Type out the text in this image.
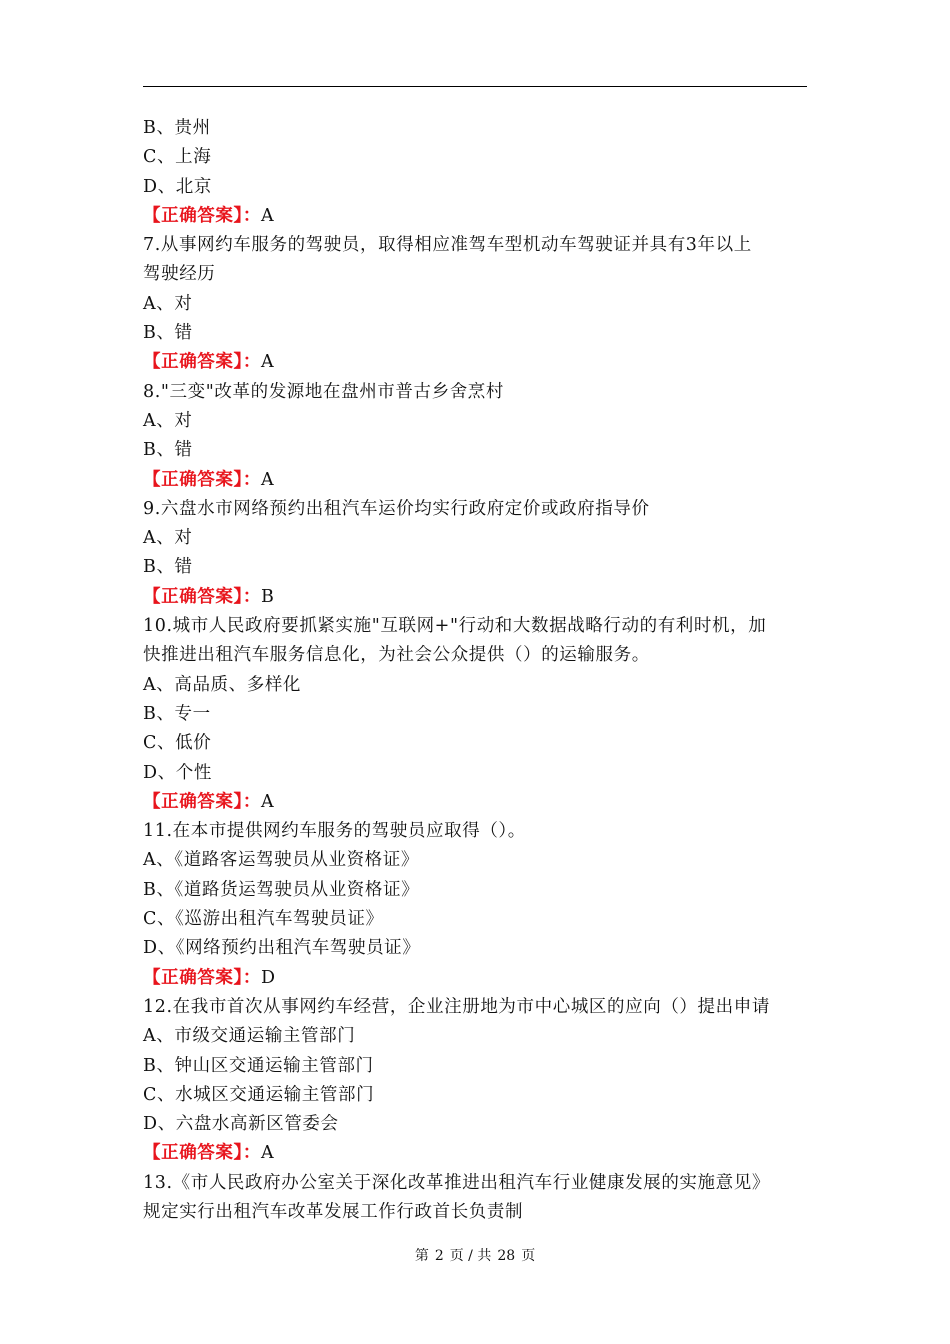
B、贵州
C、上海
D、北京
【正确答案】：A
7.从事网约车服务的驾驶员，取得相应准驾车型机动车驾驶证并具有3年以上
驾驶经历
A、对
B、错
【正确答案】：A
8."三变"改革的发源地在盘州市普古乡舍烹村
A、对
B、错
【正确答案】：A
9.六盘水市网络预约出租汽车运价均实行政府定价或政府指导价
A、对
B、错
【正确答案】：B
10.城市人民政府要抓紧实施"互联网+"行动和大数据战略行动的有利时机，加
快推进出租汽车服务信息化，为社会公众提供（）的运输服务。
A、高品质、多样化
B、专一
C、低价
D、个性
【正确答案】：A
11.在本市提供网约车服务的驾驶员应取得（）。
A、《道路客运驾驶员从业资格证》
B、《道路货运驾驶员从业资格证》
C、《巡游出租汽车驾驶员证》
D、《网络预约出租汽车驾驶员证》
【正确答案】：D
12.在我市首次从事网约车经营，企业注册地为市中心城区的应向（）提出申请
A、市级交通运输主管部门
B、钟山区交通运输主管部门
C、水城区交通运输主管部门
D、六盘水高新区管委会
【正确答案】：A
13.《市人民政府办公室关于深化改革推进出租汽车行业健康发展的实施意见》
规定实行出租汽车改革发展工作行政首长负责制
第 2 页 / 共 28 页
